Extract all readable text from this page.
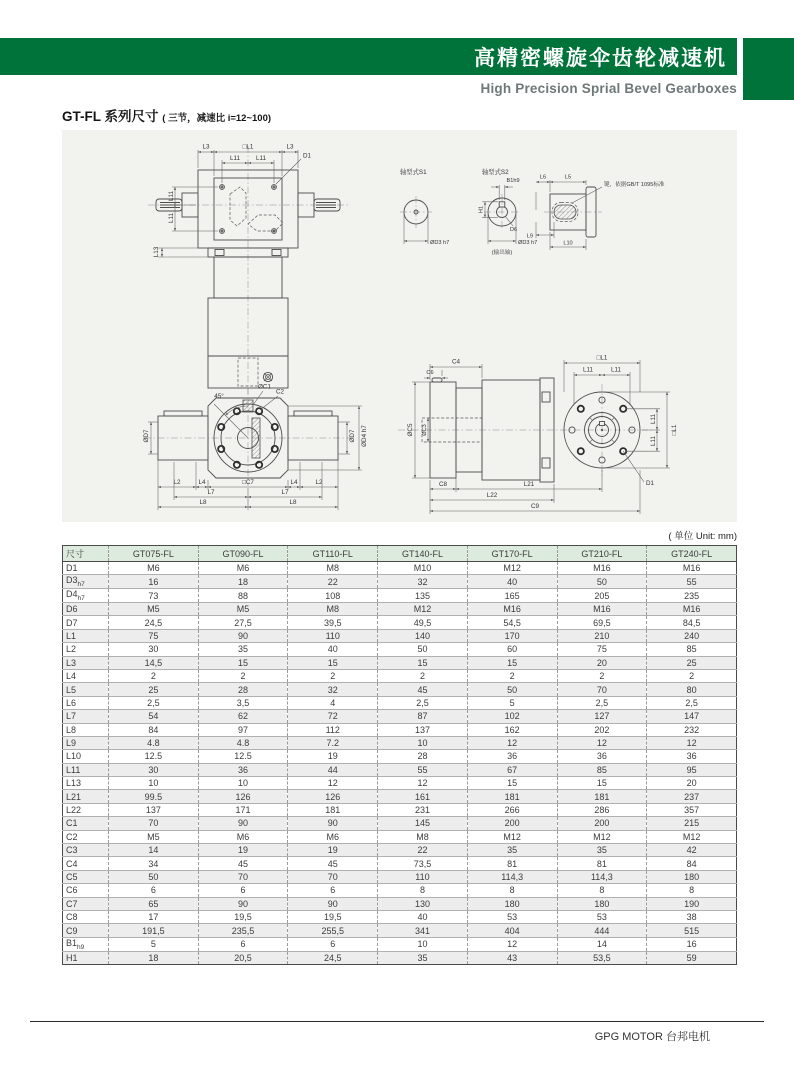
高精密螺旋伞齿轮减速机
High Precision Sprial Bevel Gearboxes
GT-FL 系列尺寸 ( 三节，减速比 i=12~100)
L3	□L1	L3
L11	L11	D1
L11
L11
L13
轴型式S1
ØD3 h7
轴型式S2
B1h9
H1
D6
ØD3 h7
(输出轴)
L6	L5
键，依据GB/T 1095标准
L9
L10
45°
ØC1
C2
ØD7	ØD7 ØD4 h7
L2	L4	□C7	L4	L2
L7	L7
L8	L8
C4
C6
□L1
L11	L11
ØC5 ØC3
L11
L11
□L1
C8	L21
L22
C9
D1
( 单位 Unit: mm)
尺寸	GT075-FL	GT090-FL	GT110-FL	GT140-FL	GT170-FL	GT210-FL	GT240-FL
D1	M6	M6	M8	M10	M12	M16	M16
$D3_{h7}$	16	18	22	32	40	50	55
$D4_{h7}$	73	88	108	135	165	205	235
D6	M5	M5	M8	M12	M16	M16	M16
D7	24,5	27,5	39,5	49,5	54,5	69,5	84,5
L1	75	90	110	140	170	210	240
L2	30	35	40	50	60	75	85
L3	14,5	15	15	15	15	20	25
L4	2	2	2	2	2	2	2
L5	25	28	32	45	50	70	80
L6	2,5	3,5	4	2,5	5	2,5	2,5
L7	54	62	72	87	102	127	147
L8	84	97	112	137	162	202	232
L9	4.8	4.8	7.2	10	12	12	12
L10	12.5	12.5	19	28	36	36	36
L11	30	36	44	55	67	85	95
L13	10	10	12	12	15	15	20
L21	99.5	126	126	161	181	181	237
L22	137	171	181	231	266	286	357
C1	70	90	90	145	200	200	215
C2	M5	M6	M6	M8	M12	M12	M12
C3	14	19	19	22	35	35	42
C4	34	45	45	73,5	81	81	84
C5	50	70	70	110	114,3	114,3	180
C6	6	6	6	8	8	8	8
C7	65	90	90	130	180	180	190
C8	17	19,5	19,5	40	53	53	38
C9	191,5	235,5	255,5	341	404	444	515
$B1_{h9}$	5	6	6	10	12	14	16
H1	18	20,5	24,5	35	43	53,5	59
GPG MOTOR 台邦电机
